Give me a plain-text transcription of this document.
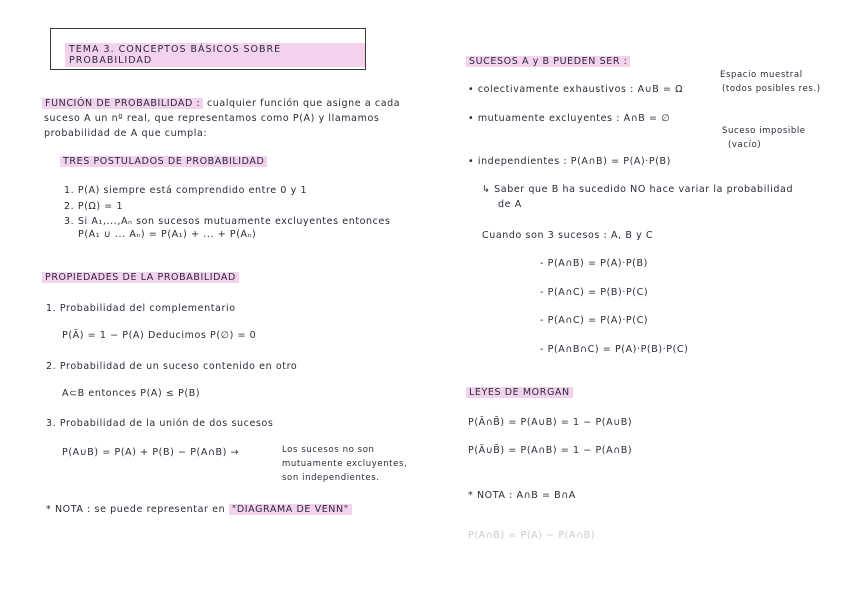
TEMA 3. CONCEPTOS BÁSICOS SOBRE PROBABILIDAD
FUNCIÓN DE PROBABILIDAD : cualquier función que asigne a cada
suceso A un nº real, que representamos como P(A) y llamamos
probabilidad de A que cumpla:
TRES POSTULADOS DE PROBABILIDAD
1. P(A) siempre está comprendido entre 0 y 1
2. P(Ω) = 1
3. Si A₁,...,Aₙ son sucesos mutuamente excluyentes entonces
P(A₁ ∪ ... Aₙ) = P(A₁) + ... + P(Aₙ)
PROPIEDADES DE LA PROBABILIDAD
1. Probabilidad del complementario
P(Ā) = 1 − P(A) Deducimos P(∅) = 0
2. Probabilidad de un suceso contenido en otro
A⊂B entonces P(A) ≤ P(B)
3. Probabilidad de la unión de dos sucesos
P(A∪B) = P(A) + P(B) − P(A∩B) →	Los sucesos no son
mutuamente excluyentes,
son independientes.
* NOTA : se puede representar en "DIAGRAMA DE VENN"
SUCESOS A y B PUEDEN SER :
• colectivamente exhaustivos : A∪B = Ω
Espacio muestral
(todos posibles res.)
• mutuamente excluyentes : A∩B = ∅
Suceso imposible
(vacío)
• independientes : P(A∩B) = P(A)·P(B)
↳ Saber que B ha sucedido NO hace variar la probabilidad
de A
Cuando son 3 sucesos : A, B y C
- P(A∩B) = P(A)·P(B)
- P(A∩C) = P(B)·P(C)
- P(A∩C) = P(A)·P(C)
- P(A∩B∩C) = P(A)·P(B)·P(C)
LEYES DE MORGAN
P(Ā∩B̄) = P(A∪B) = 1 − P(A∪B)
P(Ā∪B̄) = P(A∩B) = 1 − P(A∩B)
* NOTA : A∩B = B∩A
P(A∩B) = P(A) − P(A∩B)
